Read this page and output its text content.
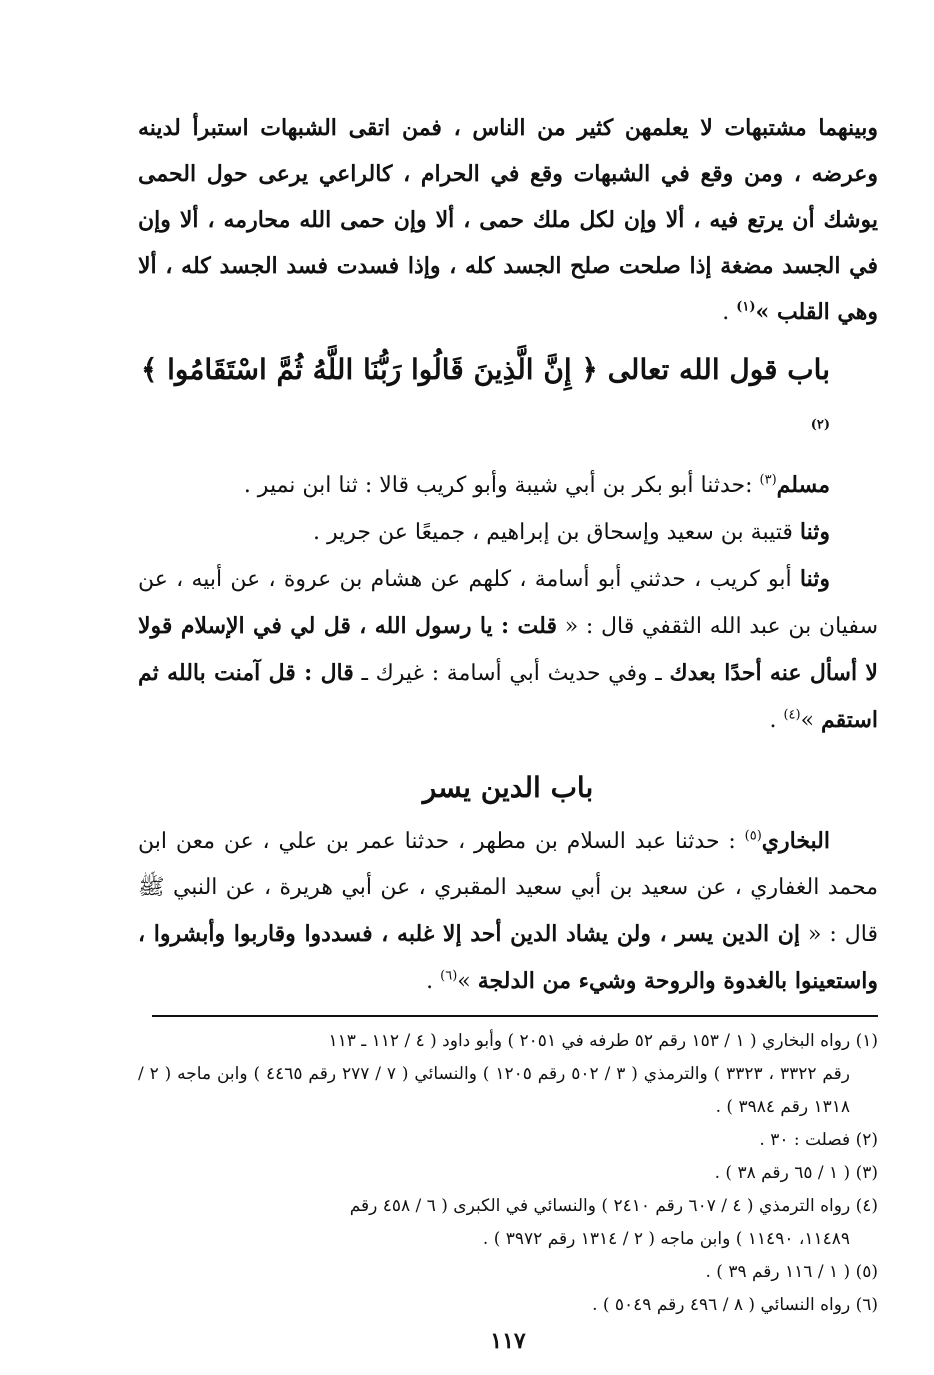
وبينهما مشتبهات لا يعلمهن كثير من الناس ، فمن اتقى الشبهات استبرأ لدينه وعرضه ، ومن وقع في الشبهات وقع في الحرام ، كالراعي يرعى حول الحمى يوشك أن يرتع فيه ، ألا وإن لكل ملك حمى ، ألا وإن حمى الله محارمه ، ألا وإن في الجسد مضغة إذا صلحت صلح الجسد كله ، وإذا فسدت فسد الجسد كله ، ألا وهي القلب »$^{(١)}$ .

باب قول الله تعالى ﴿ إِنَّ الَّذِينَ قَالُوا رَبُّنَا اللَّهُ ثُمَّ اسْتَقَامُوا ﴾$^{(٢)}$

مسلم$^{(٣)}$ :حدثنا أبو بكر بن أبي شيبة وأبو كريب قالا : ثنا ابن نمير .

وثنا قتيبة بن سعيد وإسحاق بن إبراهيم ، جميعًا عن جرير .

وثنا أبو كريب ، حدثني أبو أسامة ، كلهم عن هشام بن عروة ، عن أبيه ، عن سفيان بن عبد الله الثقفي قال : « قلت : يا رسول الله ، قل لي في الإسلام قولا لا أسأل عنه أحدًا بعدك ـ وفي حديث أبي أسامة : غيرك ـ قال : قل آمنت بالله ثم استقم »$^{(٤)}$ .

باب الدين يسر

البخاري$^{(٥)}$ : حدثنا عبد السلام بن مطهر ، حدثنا عمر بن علي ، عن معن ابن محمد الغفاري ، عن سعيد بن أبي سعيد المقبري ، عن أبي هريرة ، عن النبي ﷺ قال : « إن الدين يسر ، ولن يشاد الدين أحد إلا غلبه ، فسددوا وقاربوا وأبشروا ، واستعينوا بالغدوة والروحة وشيء من الدلجة »$^{(٦)}$ .

(١) رواه البخاري ( ١ / ١٥٣ رقم ٥٢ طرفه في ٢٠٥١ ) وأبو داود ( ٤ / ١١٢ ـ ١١٣
رقم ٣٣٢٢ ، ٣٣٢٣ ) والترمذي ( ٣ / ٥٠٢ رقم ١٢٠٥ ) والنسائي ( ٧ / ٢٧٧ رقم ٤٤٦٥ ) وابن ماجه ( ٢ / ١٣١٨ رقم ٣٩٨٤ ) .
(٢) فصلت : ٣٠ .
(٣) ( ١ / ٦٥ رقم ٣٨ ) .
(٤) رواه الترمذي ( ٤ / ٦٠٧ رقم ٢٤١٠ ) والنسائي في الكبرى ( ٦ / ٤٥٨ رقم
١١٤٨٩، ١١٤٩٠ ) وابن ماجه ( ٢ / ١٣١٤ رقم ٣٩٧٢ ) .
(٥) ( ١ / ١١٦ رقم ٣٩ ) .
(٦) رواه النسائي ( ٨ / ٤٩٦ رقم ٥٠٤٩ ) .
١١٧
